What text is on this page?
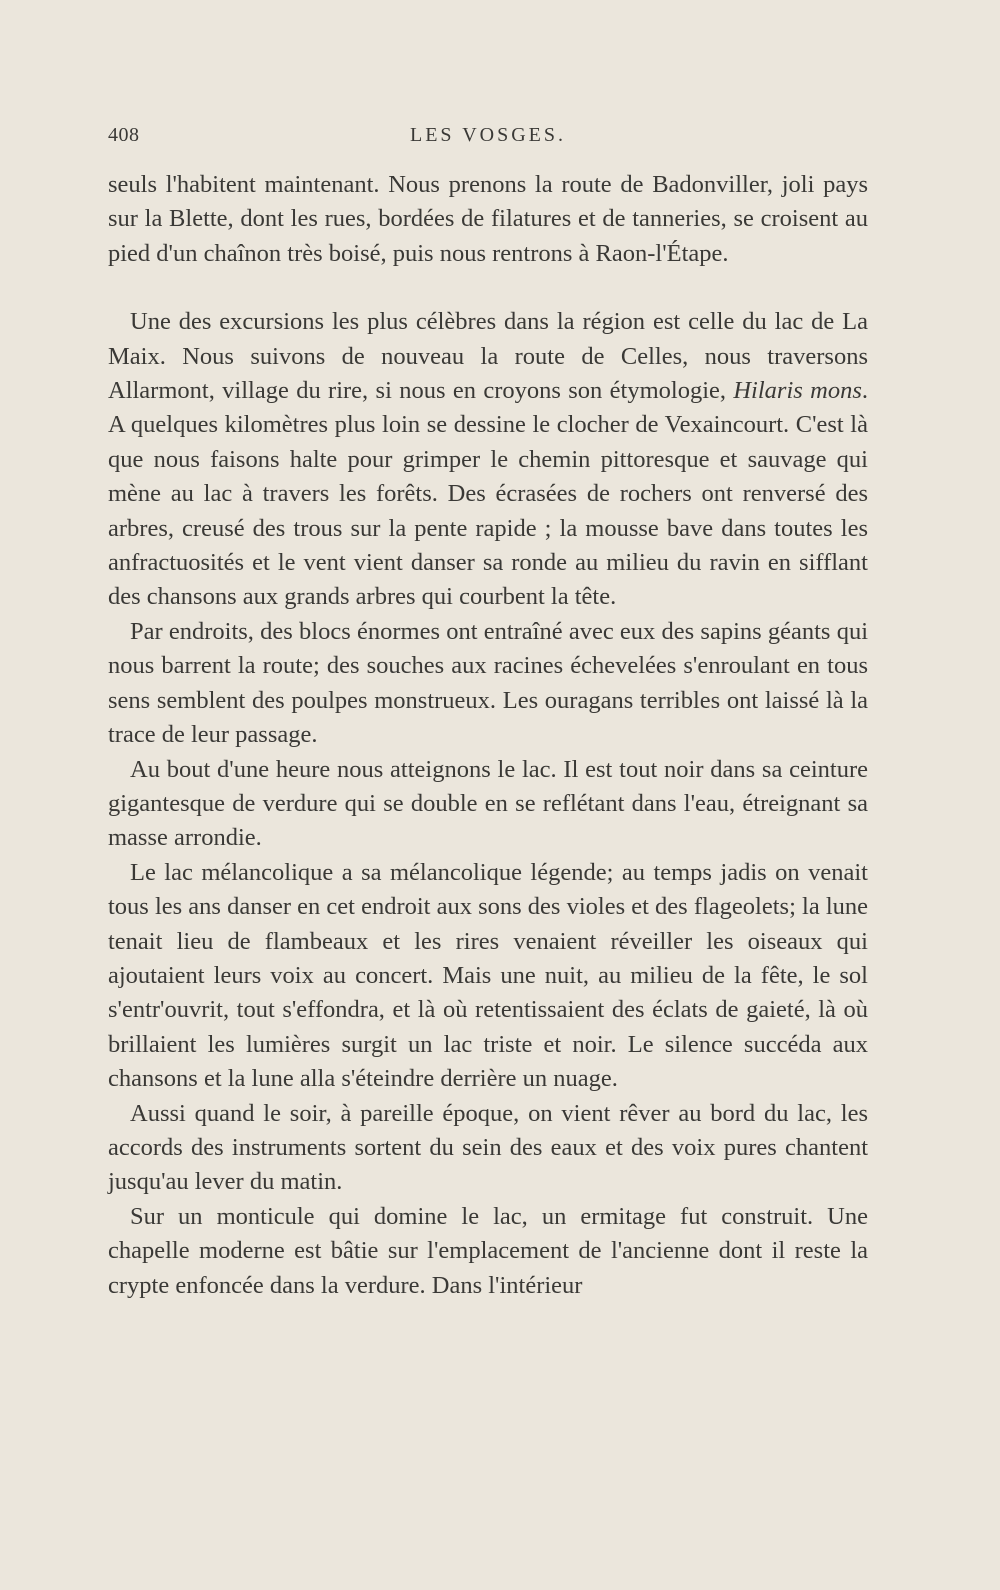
408	LES VOSGES.

seuls l'habitent maintenant. Nous prenons la route de Badonviller, joli pays sur la Blette, dont les rues, bordées de filatures et de tanneries, se croisent au pied d'un chaînon très boisé, puis nous rentrons à Raon-l'Étape.

Une des excursions les plus célèbres dans la région est celle du lac de La Maix. Nous suivons de nouveau la route de Celles, nous traversons Allarmont, village du rire, si nous en croyons son étymologie, Hilaris mons. A quelques kilomètres plus loin se dessine le clocher de Vexaincourt. C'est là que nous faisons halte pour grimper le chemin pittoresque et sauvage qui mène au lac à travers les forêts. Des écrasées de rochers ont renversé des arbres, creusé des trous sur la pente rapide ; la mousse bave dans toutes les anfractuosités et le vent vient danser sa ronde au milieu du ravin en sifflant des chansons aux grands arbres qui courbent la tête.

Par endroits, des blocs énormes ont entraîné avec eux des sapins géants qui nous barrent la route; des souches aux racines échevelées s'enroulant en tous sens semblent des poulpes monstrueux. Les ouragans terribles ont laissé là la trace de leur passage.

Au bout d'une heure nous atteignons le lac. Il est tout noir dans sa ceinture gigantesque de verdure qui se double en se reflétant dans l'eau, étreignant sa masse arrondie.

Le lac mélancolique a sa mélancolique légende; au temps jadis on venait tous les ans danser en cet endroit aux sons des violes et des flageolets; la lune tenait lieu de flambeaux et les rires venaient réveiller les oiseaux qui ajoutaient leurs voix au concert. Mais une nuit, au milieu de la fête, le sol s'entr'ouvrit, tout s'effondra, et là où retentissaient des éclats de gaieté, là où brillaient les lumières surgit un lac triste et noir. Le silence succéda aux chansons et la lune alla s'éteindre derrière un nuage.

Aussi quand le soir, à pareille époque, on vient rêver au bord du lac, les accords des instruments sortent du sein des eaux et des voix pures chantent jusqu'au lever du matin.

Sur un monticule qui domine le lac, un ermitage fut construit. Une chapelle moderne est bâtie sur l'emplacement de l'ancienne dont il reste la crypte enfoncée dans la verdure. Dans l'intérieur
